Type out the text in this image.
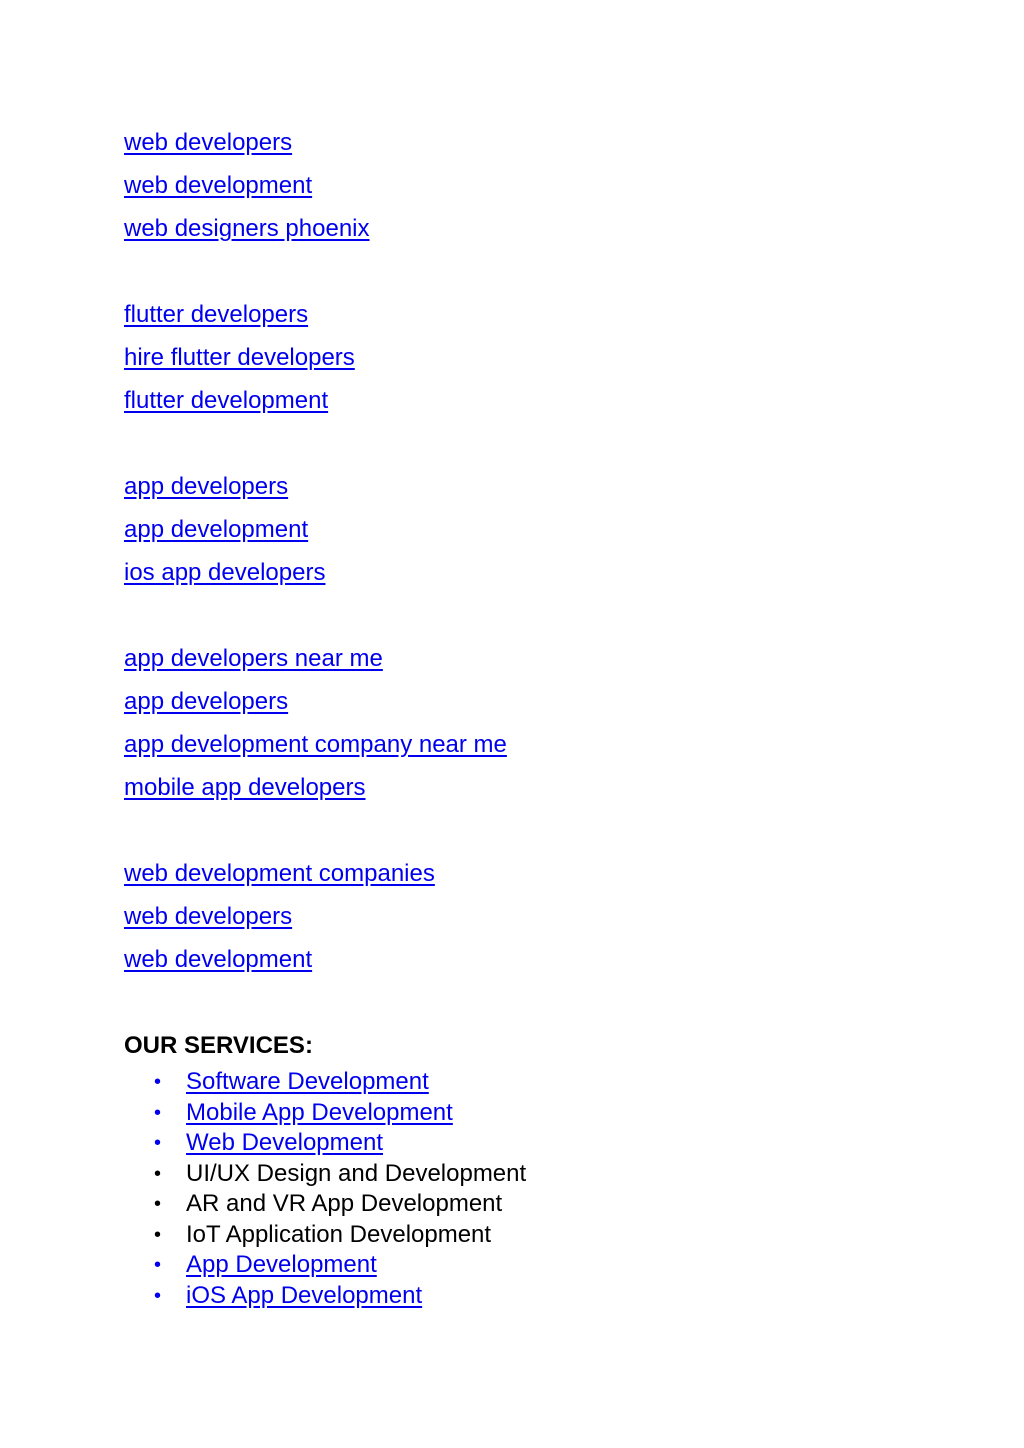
web developers
web development
web designers phoenix
flutter developers
hire flutter developers
flutter development
app developers
app development
ios app developers
app developers near me
app developers
app development company near me
mobile app developers
web development companies
web developers
web development
OUR SERVICES:
•	Software Development
•	Mobile App Development
•	Web Development
•	UI/UX Design and Development
•	AR and VR App Development
•	IoT Application Development
•	App Development
•	iOS App Development
